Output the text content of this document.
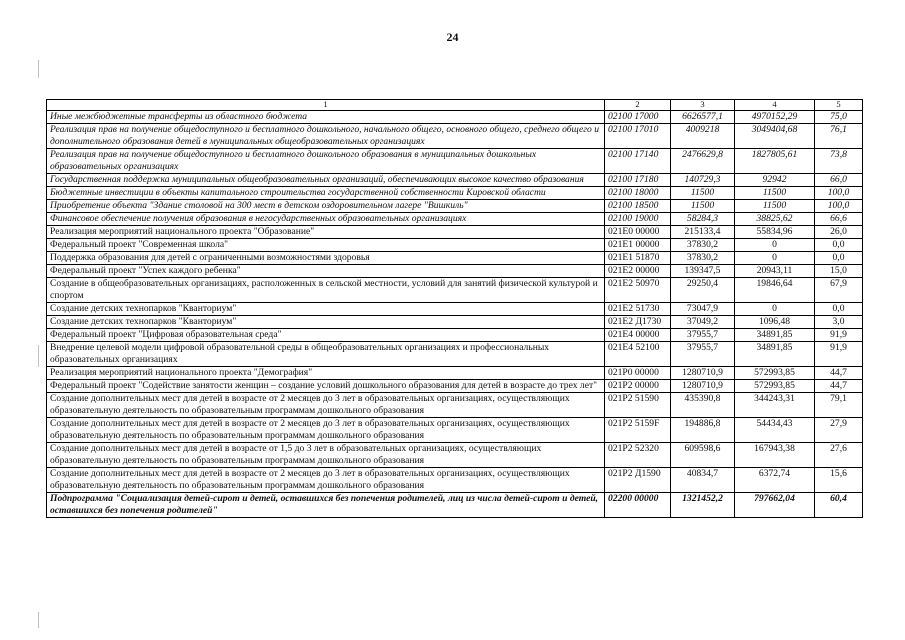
24
1	2	3	4	5
Иные межбюджетные трансферты из областного бюджета	02100 17000	6626577,1	4970152,29	75,0
Реализация прав на получение общедоступного и бесплатного дошкольного, начального общего, основного общего, среднего общего и дополнительного образования детей в муниципальных общеобразовательных организациях	02100 17010	4009218	3049404,68	76,1
Реализация прав на получение общедоступного и бесплатного дошкольного образования в муниципальных дошкольных образовательных организациях	02100 17140	2476629,8	1827805,61	73,8
Государственная поддержка муниципальных общеобразовательных организаций, обеспечивающих высокое качество образования	02100 17180	140729,3	92942	66,0
Бюджетные инвестиции в объекты капитального строительства государственной собственности Кировской области	02100 18000	11500	11500	100,0
Приобретение объекта "Здание столовой на 300 мест в детском оздоровительном лагере "Вишкиль"	02100 18500	11500	11500	100,0
Финансовое обеспечение получения образования в негосударственных образовательных организациях	02100 19000	58284,3	38825,62	66,6
Реализация мероприятий национального проекта "Образование"	021E0 00000	215133,4	55834,96	26,0
Федеральный проект "Современная школа"	021E1 00000	37830,2	0	0,0
Поддержка образования для детей с ограниченными возможностями здоровья	021E1 51870	37830,2	0	0,0
Федеральный проект "Успех каждого ребенка"	021E2 00000	139347,5	20943,11	15,0
Создание в общеобразовательных организациях, расположенных в сельской местности, условий для занятий физической культурой и спортом	021E2 50970	29250,4	19846,64	67,9
Создание детских технопарков "Кванториум"	021E2 51730	73047,9	0	0,0
Создание детских технопарков "Кванториум"	021E2 Д1730	37049,2	1096,48	3,0
Федеральный проект "Цифровая образовательная среда"	021E4 00000	37955,7	34891,85	91,9
Внедрение целевой модели цифровой образовательной среды в общеобразовательных организациях и профессиональных образовательных организациях	021E4 52100	37955,7	34891,85	91,9
Реализация мероприятий национального проекта "Демография"	021P0 00000	1280710,9	572993,85	44,7
Федеральный проект "Содействие занятости женщин – создание условий дошкольного образования для детей в возрасте до трех лет"	021P2 00000	1280710,9	572993,85	44,7
Создание дополнительных мест для детей в возрасте от 2 месяцев до 3 лет в образовательных организациях, осуществляющих образовательную деятельность по образовательным программам дошкольного образования	021P2 51590	435390,8	344243,31	79,1
Создание дополнительных мест для детей в возрасте от 2 месяцев до 3 лет в образовательных организациях, осуществляющих образовательную деятельность по образовательным программам дошкольного образования	021P2 5159F	194886,8	54434,43	27,9
Создание дополнительных мест для детей в возрасте от 1,5 до 3 лет в образовательных организациях, осуществляющих образовательную деятельность по образовательным программам дошкольного образования	021P2 52320	609598,6	167943,38	27,6
Создание дополнительных мест для детей в возрасте от 2 месяцев до 3 лет в образовательных организациях, осуществляющих образовательную деятельность по образовательным программам дошкольного образования	021P2 Д1590	40834,7	6372,74	15,6
Подпрограмма "Социализация детей-сирот и детей, оставшихся без попечения родителей, лиц из числа детей-сирот и детей, оставшихся без попечения родителей"	02200 00000	1321452,2	797662,04	60,4
